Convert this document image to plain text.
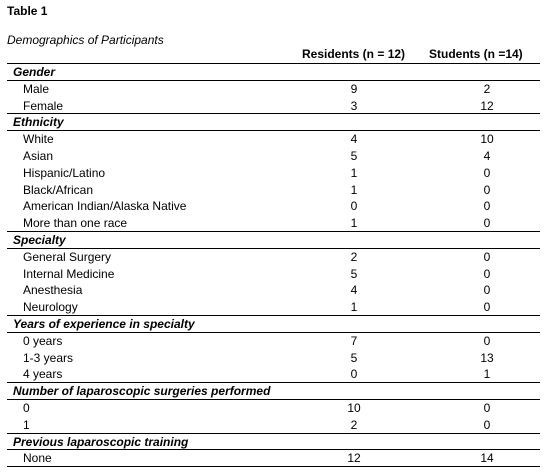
Table 1
Demographics of Participants
Residents (n = 12) Students (n =14)
Gender
Male	9	2
Female	3	12
Ethnicity
White	4	10
Asian	5	4
Hispanic/Latino	1	0
Black/African	1	0
American Indian/Alaska Native	0	0
More than one race	1	0
Specialty
General Surgery	2	0
Internal Medicine	5	0
Anesthesia	4	0
Neurology	1	0
Years of experience in specialty
0 years	7	0
1-3 years	5	13
4 years	0	1
Number of laparoscopic surgeries performed
0	10	0
1	2	0
Previous laparoscopic training
None	12	14
